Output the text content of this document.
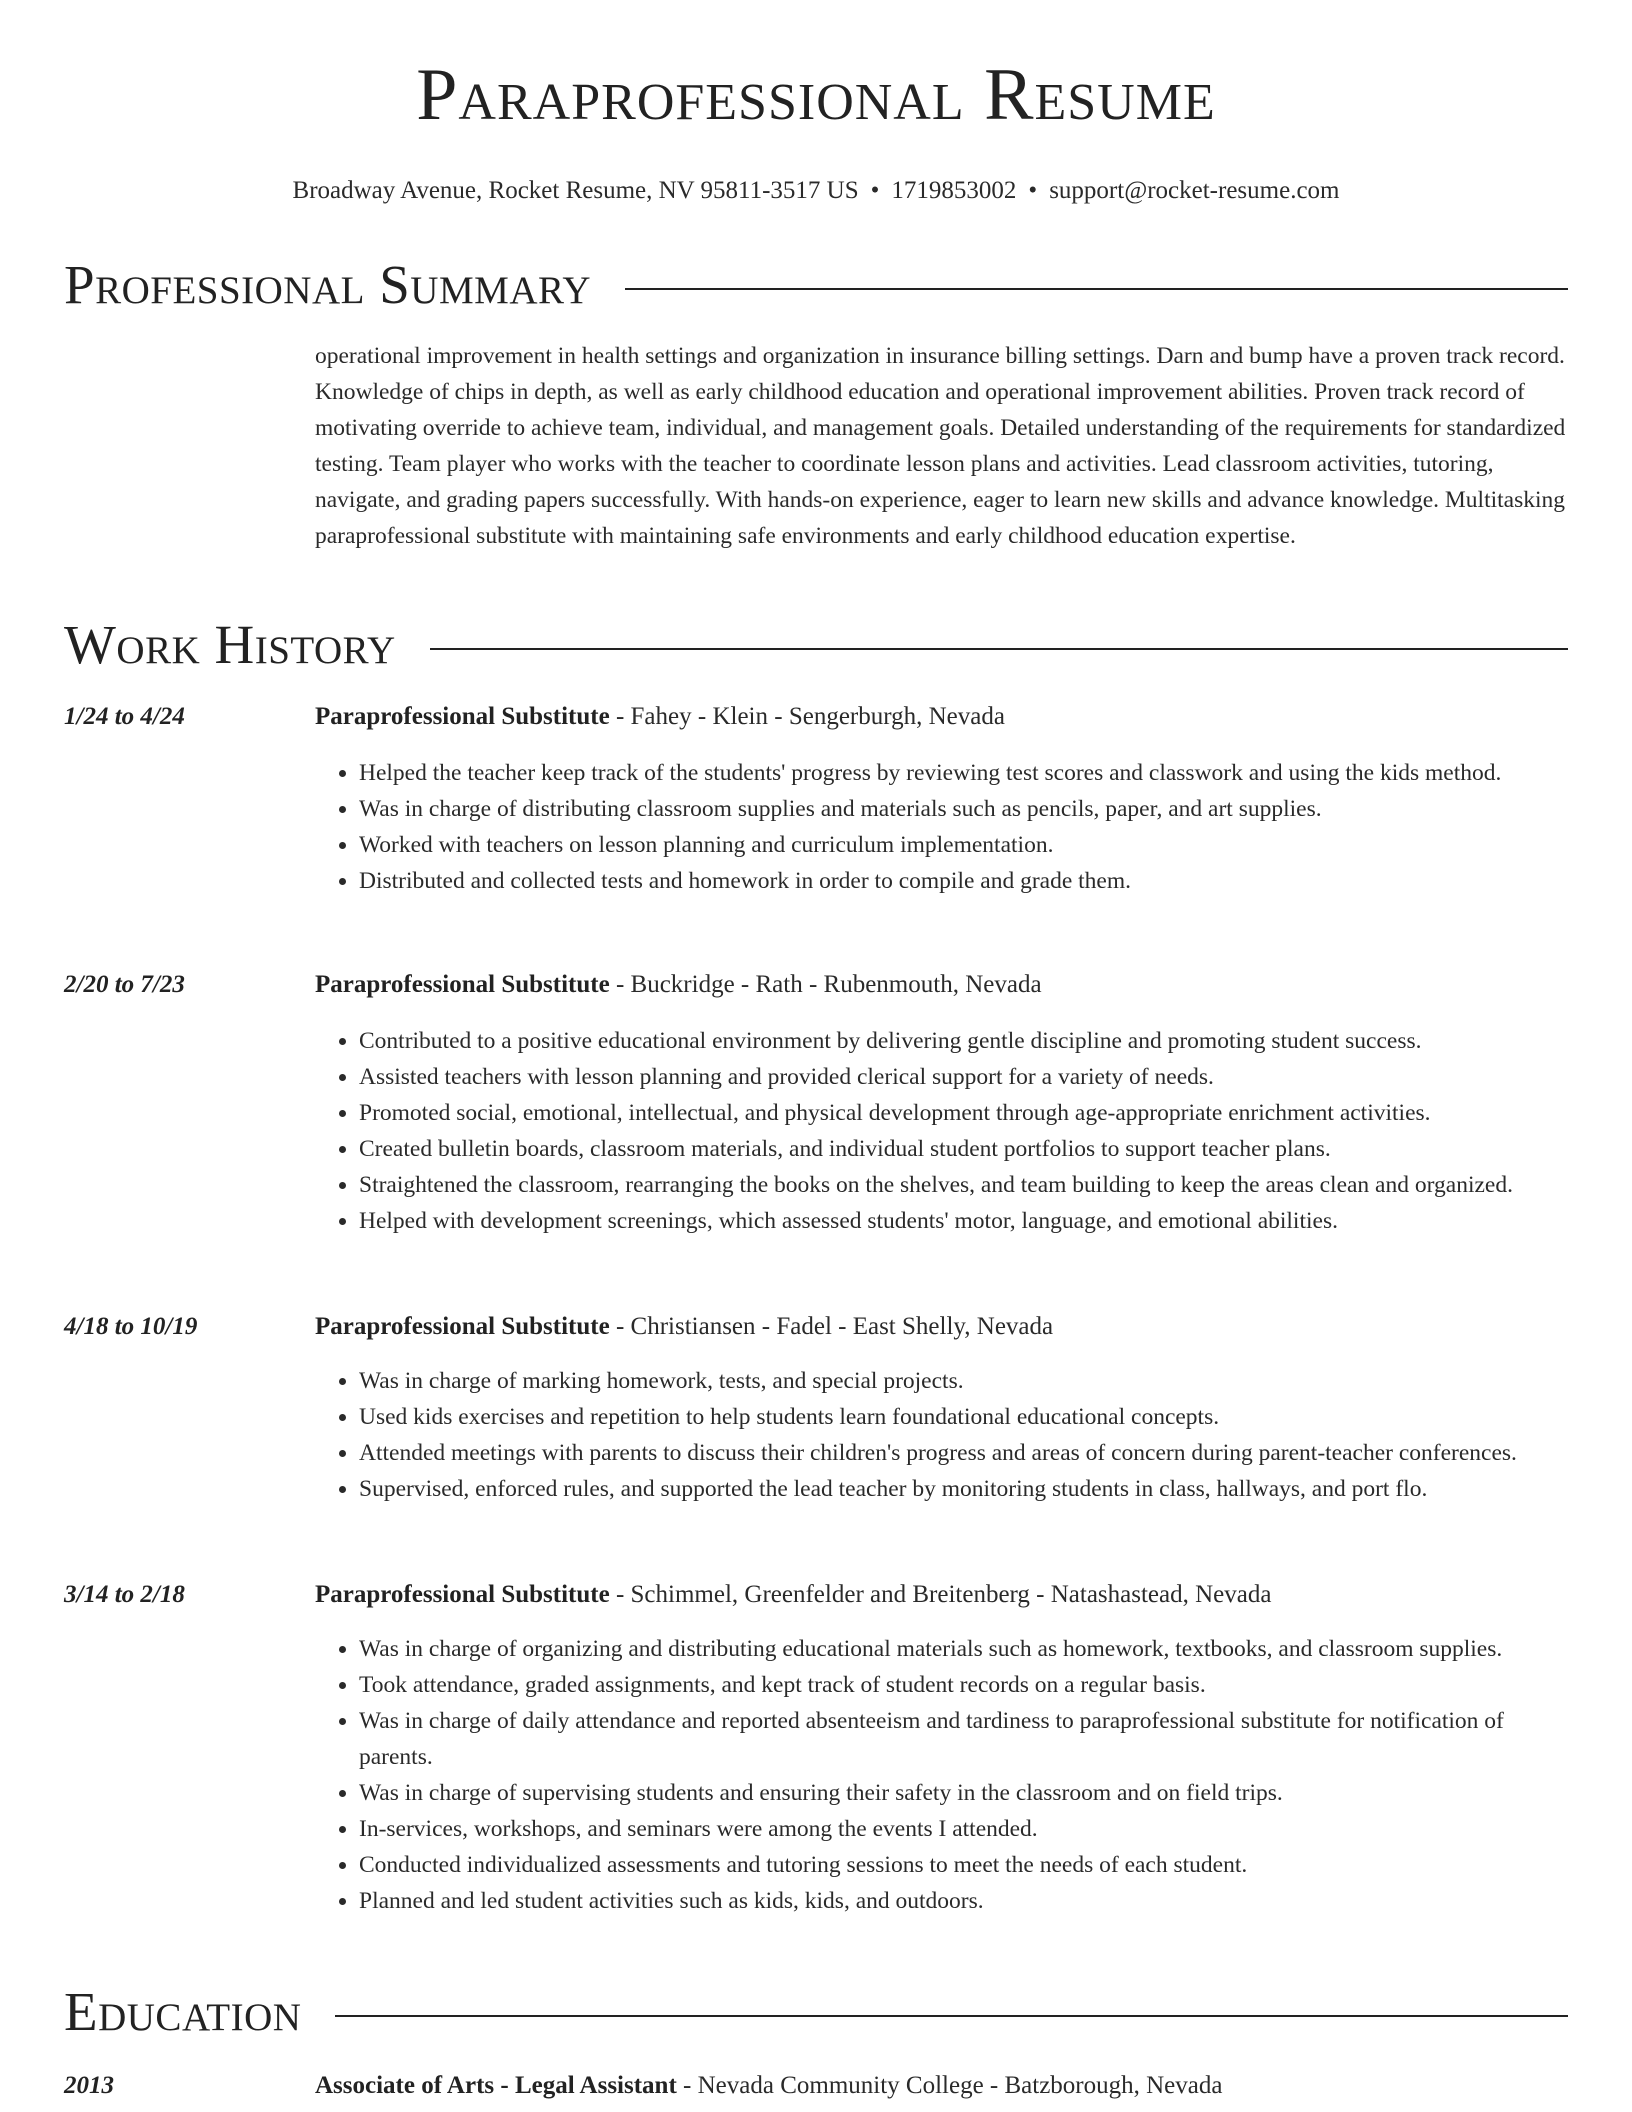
Paraprofessional Resume
Broadway Avenue, Rocket Resume, NV 95811-3517 US • 1719853002 • support@rocket-resume.com
Professional Summary
operational improvement in health settings and organization in insurance billing settings. Darn and bump have a proven track record. Knowledge of chips in depth, as well as early childhood education and operational improvement abilities. Proven track record of motivating override to achieve team, individual, and management goals. Detailed understanding of the requirements for standardized testing. Team player who works with the teacher to coordinate lesson plans and activities. Lead classroom activities, tutoring, navigate, and grading papers successfully. With hands-on experience, eager to learn new skills and advance knowledge. Multitasking paraprofessional substitute with maintaining safe environments and early childhood education expertise.
Work History
1/24 to 4/24	Paraprofessional Substitute - Fahey - Klein - Sengerburgh, Nevada
• Helped the teacher keep track of the students' progress by reviewing test scores and classwork and using the kids method.
• Was in charge of distributing classroom supplies and materials such as pencils, paper, and art supplies.
• Worked with teachers on lesson planning and curriculum implementation.
• Distributed and collected tests and homework in order to compile and grade them.
2/20 to 7/23	Paraprofessional Substitute - Buckridge - Rath - Rubenmouth, Nevada
• Contributed to a positive educational environment by delivering gentle discipline and promoting student success.
• Assisted teachers with lesson planning and provided clerical support for a variety of needs.
• Promoted social, emotional, intellectual, and physical development through age-appropriate enrichment activities.
• Created bulletin boards, classroom materials, and individual student portfolios to support teacher plans.
• Straightened the classroom, rearranging the books on the shelves, and team building to keep the areas clean and organized.
• Helped with development screenings, which assessed students' motor, language, and emotional abilities.
4/18 to 10/19	Paraprofessional Substitute - Christiansen - Fadel - East Shelly, Nevada
• Was in charge of marking homework, tests, and special projects.
• Used kids exercises and repetition to help students learn foundational educational concepts.
• Attended meetings with parents to discuss their children's progress and areas of concern during parent-teacher conferences.
• Supervised, enforced rules, and supported the lead teacher by monitoring students in class, hallways, and port flo.
3/14 to 2/18	Paraprofessional Substitute - Schimmel, Greenfelder and Breitenberg - Natashastead, Nevada
• Was in charge of organizing and distributing educational materials such as homework, textbooks, and classroom supplies.
• Took attendance, graded assignments, and kept track of student records on a regular basis.
• Was in charge of daily attendance and reported absenteeism and tardiness to paraprofessional substitute for notification of parents.
• Was in charge of supervising students and ensuring their safety in the classroom and on field trips.
• In-services, workshops, and seminars were among the events I attended.
• Conducted individualized assessments and tutoring sessions to meet the needs of each student.
• Planned and led student activities such as kids, kids, and outdoors.
Education
2013	Associate of Arts - Legal Assistant - Nevada Community College - Batzborough, Nevada
